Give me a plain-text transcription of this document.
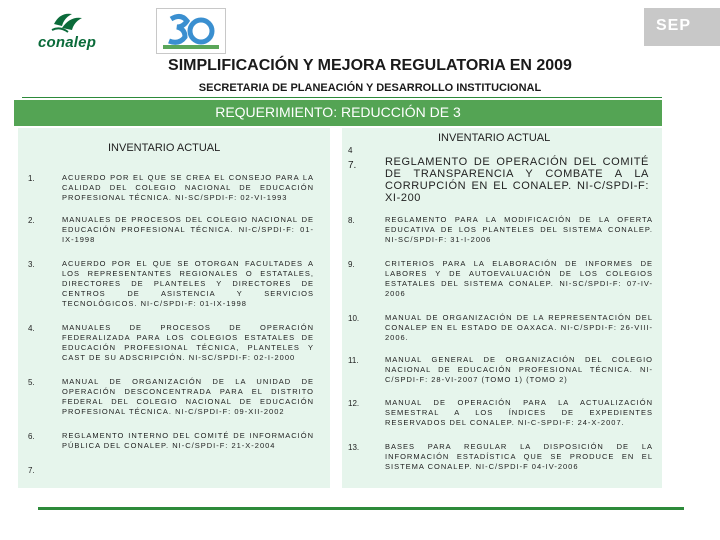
conalep
SEP
SIMPLIFICACIÓN Y MEJORA REGULATORIA EN 2009
SECRETARIA DE PLANEACIÓN Y DESARROLLO INSTITUCIONAL
REQUERIMIENTO: REDUCCIÓN DE 3
INVENTARIO ACTUAL
1.	ACUERDO POR EL QUE SE CREA EL CONSEJO PARA LA CALIDAD DEL COLEGIO NACIONAL DE EDUCACIÓN PROFESIONAL TÉCNICA. NI-SC/SPDI-F: 02-VI-1993
2.	MANUALES DE PROCESOS DEL COLEGIO NACIONAL DE EDUCACIÓN PROFESIONAL TÉCNICA. NI-C/SPDI-F: 01-IX-1998
3.	ACUERDO POR EL QUE SE OTORGAN FACULTADES A LOS REPRESENTANTES REGIONALES O ESTATALES, DIRECTORES DE PLANTELES Y DIRECTORES DE CENTROS DE ASISTENCIA Y SERVICIOS TECNOLÓGICOS. NI-C/SPDI-F: 01-IX-1998
4.	MANUALES DE PROCESOS DE OPERACIÓN FEDERALIZADA PARA LOS COLEGIOS ESTATALES DE EDUCACIÓN PROFESIONAL TÉCNICA, PLANTELES Y CAST DE SU ADSCRIPCIÓN. NI-SC/SPDI-F: 02-I-2000
5.	MANUAL DE ORGANIZACIÓN DE LA UNIDAD DE OPERACIÓN DESCONCENTRADA PARA EL DISTRITO FEDERAL DEL COLEGIO NACIONAL DE EDUCACIÓN PROFESIONAL TÉCNICA. NI-C/SPDI-F: 09-XII-2002
6.	REGLAMENTO INTERNO DEL COMITÉ DE INFORMACIÓN PÚBLICA DEL CONALEP. NI-C/SPDI-F: 21-X-2004
7.
INVENTARIO ACTUAL
4
7.	REGLAMENTO DE OPERACIÓN DEL COMITÉ DE TRANSPARENCIA Y COMBATE A LA CORRUPCIÓN EN EL CONALEP. NI-C/SPDI-F: XI-200
8.	REGLAMENTO PARA LA MODIFICACIÓN DE LA OFERTA EDUCATIVA DE LOS PLANTELES DEL SISTEMA CONALEP. NI-SC/SPDI-F: 31-I-2006
9.	CRITERIOS PARA LA ELABORACIÓN DE INFORMES DE LABORES Y DE AUTOEVALUACIÓN DE LOS COLEGIOS ESTATALES DEL SISTEMA CONALEP. NI-SC/SPDI-F: 07-IV-2006
10.	MANUAL DE ORGANIZACIÓN DE LA REPRESENTACIÓN DEL CONALEP EN EL ESTADO DE OAXACA. NI-C/SPDI-F: 26-VIII-2006.
11.	MANUAL GENERAL DE ORGANIZACIÓN DEL COLEGIO NACIONAL DE EDUCACIÓN PROFESIONAL TÉCNICA. NI-C/SPDI-F: 28-VI-2007 (TOMO 1) (TOMO 2)
12.	MANUAL DE OPERACIÓN PARA LA ACTUALIZACIÓN SEMESTRAL A LOS ÍNDICES DE EXPEDIENTES RESERVADOS DEL CONALEP. NI-C-SPDI-F: 24-X-2007.
13.	BASES PARA REGULAR LA DISPOSICIÓN DE LA INFORMACIÓN ESTADÍSTICA QUE SE PRODUCE EN EL SISTEMA CONALEP. NI-C/SPDI-F 04-IV-2006
